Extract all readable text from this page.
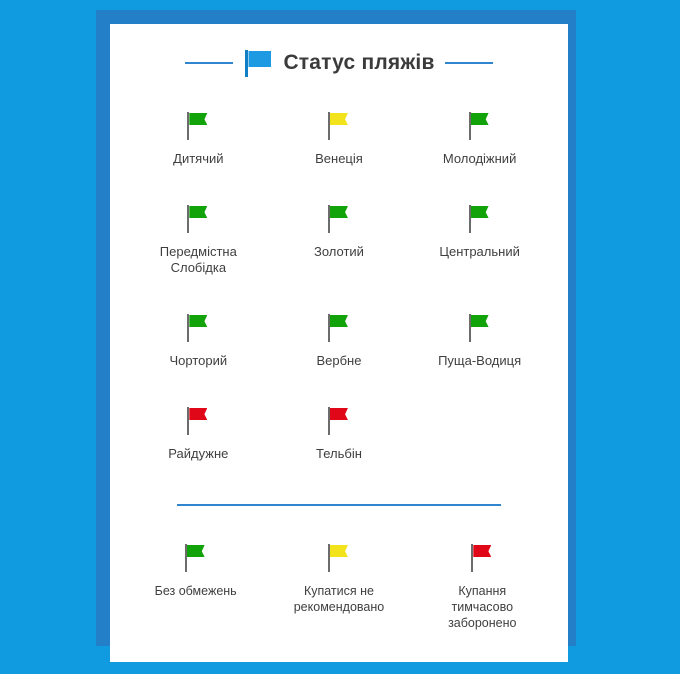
Статус пляжів
Дитячий	Венеція	Молодіжний
Передмістна Слобідка
Золотий	Центральний
Чорторий	Вербне	Пуща-Водиця
Райдужне	Тельбін
Без обмежень	Купатися не рекомендовано
Купання тимчасово заборонено
